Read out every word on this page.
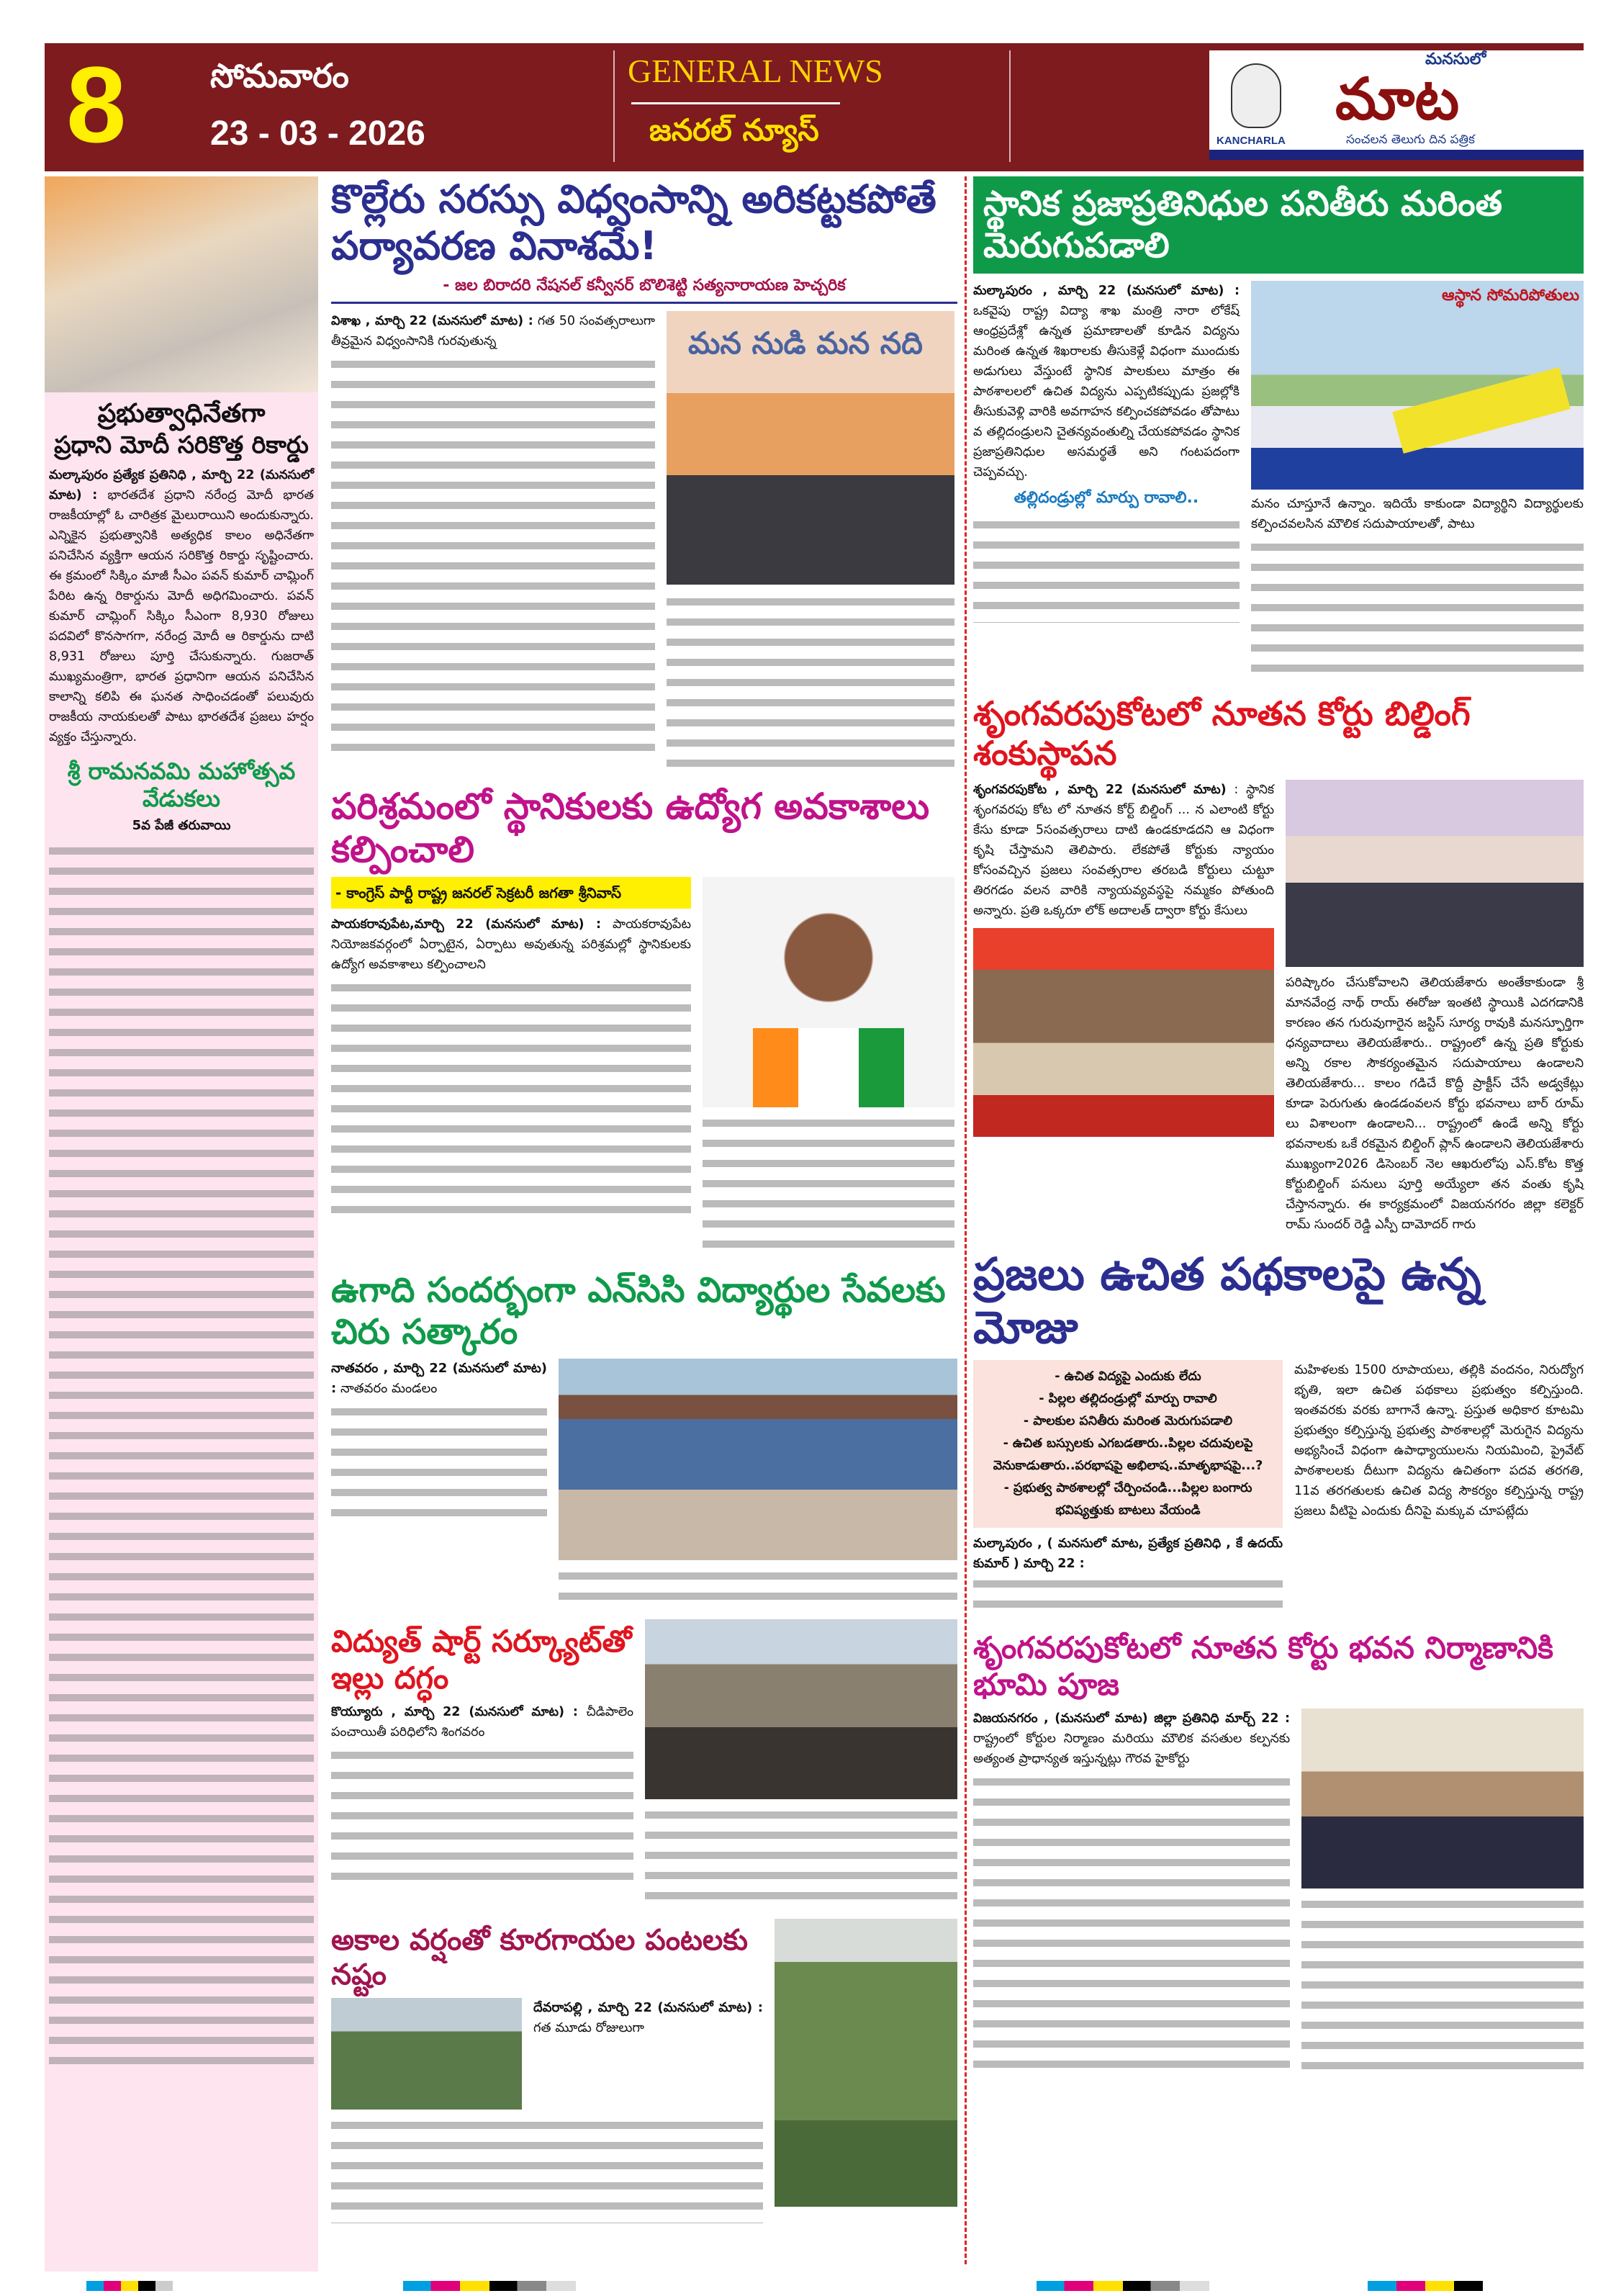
8	సోమవారం
23 - 03 - 2026
GENERAL NEWS
జనరల్ న్యూస్	KANCHARLA
మనసులో
మాట
సంచలన తెలుగు దిన పత్రిక
ప్రభుత్వాధినేతగా
ప్రధాని మోదీ సరికొత్త రికార్డు
మల్కాపురం ప్రత్యేక ప్రతినిధి , మార్చి 22 (మనసులో మాట) : భారతదేశ ప్రధాని నరేంద్ర మోదీ భారత రాజకీయాల్లో ఓ చారిత్రక మైలురాయిని అందుకున్నారు. ఎన్నికైన ప్రభుత్వానికి అత్యధిక కాలం అధినేతగా పనిచేసిన వ్యక్తిగా ఆయన సరికొత్త రికార్డు సృష్టించారు. ఈ క్రమంలో సిక్కిం మాజీ సీఎం పవన్ కుమార్ చామ్లింగ్ పేరిట ఉన్న రికార్డును మోదీ అధిగమించారు. పవన్ కుమార్ చామ్లింగ్ సిక్కిం సీఎంగా 8,930 రోజులు పదవిలో కొనసాగగా, నరేంద్ర మోదీ ఆ రికార్డును దాటి 8,931 రోజులు పూర్తి చేసుకున్నారు. గుజరాత్ ముఖ్యమంత్రిగా, భారత ప్రధానిగా ఆయన పనిచేసిన కాలాన్ని కలిపి ఈ ఘనత సాధించడంతో పలువురు రాజకీయ నాయకులతో పాటు భారతదేశ ప్రజలు హర్షం వ్యక్తం చేస్తున్నారు.
శ్రీ రామనవమి మహోత్సవ వేడుకలు
5వ పేజీ తరువాయి
కొల్లేరు సరస్సు విధ్వంసాన్ని అరికట్టకపోతే పర్యావరణ వినాశమే!
- జల బిరాదరి నేషనల్ కన్వీనర్ బొలిశెట్టి సత్యనారాయణ హెచ్చరిక
విశాఖ , మార్చి 22 (మనసులో మాట) : గత 50 సంవత్సరాలుగా తీవ్రమైన విధ్వంసానికి గురవుతున్న	మన నుడి మన నది
పరిశ్రమంలో స్థానికులకు ఉద్యోగ అవకాశాలు కల్పించాలి
- కాంగ్రెస్ పార్టీ రాష్ట్ర జనరల్ సెక్రటరీ జగతా శ్రీనివాస్
పాయకరావుపేట,మార్చి 22 (మనసులో మాట) : పాయకరావుపేట నియోజకవర్గంలో ఏర్పాటైన, ఏర్పాటు అవుతున్న పరిశ్రమల్లో స్థానికులకు ఉద్యోగ అవకాశాలు కల్పించాలని
ఉగాది సందర్భంగా ఎన్‌సిసి విద్యార్థుల సేవలకు చిరు సత్కారం
నాతవరం , మార్చి 22 (మనసులో మాట) : నాతవరం మండలం
విద్యుత్ షార్ట్ సర్క్యూట్‌తో ఇల్లు దగ్ధం
కొయ్యూరు , మార్చి 22 (మనసులో మాట) : చీడిపాలెం పంచాయితీ పరిధిలోని శింగవరం
అకాల వర్షంతో కూరగాయల పంటలకు నష్టం
దేవరాపల్లి , మార్చి 22 (మనసులో మాట) : గత మూడు రోజులుగా
స్థానిక ప్రజాప్రతినిధుల పనితీరు మరింత మెరుగుపడాలి
మల్కాపురం , మార్చి 22 (మనసులో మాట) : ఒకవైపు రాష్ట్ర విద్యా శాఖ మంత్రి నారా లోకేష్ ఆంధ్రప్రదేశ్లో ఉన్నత ప్రమాణాలతో కూడిన విద్యను మరింత ఉన్నత శిఖరాలకు తీసుకెళ్లే విధంగా ముందుకు అడుగులు వేస్తుంటే స్థానిక పాలకులు మాత్రం ఈ పాఠశాలలలో ఉచిత విద్యను ఎప్పటికప్పుడు ప్రజల్లోకి తీసుకువెళ్లి వారికి అవగాహన కల్పించకపోవడం తోపాటు వ తల్లిదండ్రులని చైతన్యవంతుల్ని చేయకపోవడం స్థానిక ప్రజాప్రతినిధుల అసమర్థతే అని గంటపదంగా చెప్పవచ్చు.
తల్లిదండ్రుల్లో మార్పు రావాలి..
ఆస్థాన సోమరిపోతులు
మనం చూస్తూనే ఉన్నాం. ఇదియే కాకుండా విద్యార్థిని విద్యార్థులకు కల్పించవలసిన మౌలిక సదుపాయాలతో, పాటు
శృంగవరపుకోటలో నూతన కోర్టు బిల్డింగ్ శంకుస్థాపన
శృంగవరపుకోట , మార్చి 22 (మనసులో మాట) : స్థానిక శృంగవరపు కోట లో నూతన కోర్ట్ బిల్డింగ్ ... న ఎలాంటి కోర్టు కేసు కూడా 5సంవత్సరాలు దాటి ఉండకూడదని ఆ విధంగా కృషి చేస్తామని తెలిపారు. లేకపోతే కోర్టుకు న్యాయం కోసంవచ్చిన ప్రజలు సంవత్సరాల తరబడి కోర్టులు చుట్టూ తిరగడం వలన వారికి న్యాయవ్యవస్థపై నమ్మకం పోతుంది అన్నారు. ప్రతి ఒక్కరూ లోక్ అదాలత్ ద్వారా కోర్టు కేసులు
పరిష్కారం చేసుకోవాలని తెలియజేశారు అంతేకాకుండా శ్రీ మానవేంద్ర నాథ్ రాయ్ ఈరోజు ఇంతటి స్థాయికి ఎదగడానికి కారణం తన గురువుగారైన జస్టిస్ సూర్య రావుకి మనస్ఫూర్తిగా ధన్యవాదాలు తెలియజేశారు.. రాష్ట్రంలో ఉన్న ప్రతి కోర్టుకు అన్ని రకాల సౌకర్యంతమైన సదుపాయాలు ఉండాలని తెలియజేశారు... కాలం గడిచే కొద్దీ ప్రాక్టీస్ చేసే అడ్వకేట్లు కూడా పెరుగుతు ఉండడంవలన కోర్టు భవనాలు బార్ రూమ్ లు విశాలంగా ఉండాలని... రాష్ట్రంలో ఉండే అన్ని కోర్టు భవనాలకు ఒకే రకమైన బిల్డింగ్ ప్లాన్ ఉండాలని తెలియజేశారు ముఖ్యంగా2026 డిసెంబర్ నెల ఆఖరులోపు ఎస్.కోట కొత్త కోర్టుబిల్డింగ్ పనులు పూర్తి అయ్యేలా తన వంతు కృషి చేస్తానన్నారు. ఈ కార్యక్రమంలో విజయనగరం జిల్లా కలెక్టర్ రామ్ సుందర్ రెడ్డి ఎస్పీ దామోదర్ గారు
ప్రజలు ఉచిత పథకాలపై ఉన్న మోజు
- ఉచిత విద్యపై ఎందుకు లేదు
- పిల్లల తల్లిదండ్రుల్లో మార్పు రావాలి
- పాలకుల పనితీరు మరింత మెరుగుపడాలి
- ఉచిత బస్సులకు ఎగబడతారు..పిల్లల చదువులపై వెనుకాడుతారు..పరభాషపై అభిలాష..మాతృభాషపై...?
- ప్రభుత్వ పాఠశాలల్లో చేర్పించండి...పిల్లల బంగారు భవిష్యత్తుకు బాటలు వేయండి
మల్కాపురం , ( మనసులో మాట, ప్రత్యేక ప్రతినిధి , కే ఉదయ్ కుమార్ ) మార్చి 22 :
మహిళలకు 1500 రూపాయలు, తల్లికి వందనం, నిరుద్యోగ భృతి, ఇలా ఉచిత పథకాలు ప్రభుత్వం కల్పిస్తుంది. ఇంతవరకు వరకు బాగానే ఉన్నా. ప్రస్తుత అధికార కూటమి ప్రభుత్వం కల్పిస్తున్న ప్రభుత్వ పాఠశాలల్లో మెరుగైన విద్యను అభ్యసించే విధంగా ఉపాధ్యాయులను నియమించి, ప్రైవేట్ పాఠశాలలకు దీటుగా విద్యను ఉచితంగా పదవ తరగతి, 11వ తరగతులకు ఉచిత విద్య సౌకర్యం కల్పిస్తున్న రాష్ట్ర ప్రజలు వీటిపై ఎందుకు దీనిపై మక్కువ చూపట్లేదు
శృంగవరపుకోటలో నూతన కోర్టు భవన నిర్మాణానికి భూమి పూజ
విజయనగరం , (మనసులో మాట) జిల్లా ప్రతినిధి మార్చ్ 22 : రాష్ట్రంలో కోర్టుల నిర్మాణం మరియు మౌలిక వసతుల కల్పనకు అత్యంత ప్రాధాన్యత ఇస్తున్నట్లు గౌరవ హైకోర్టు
